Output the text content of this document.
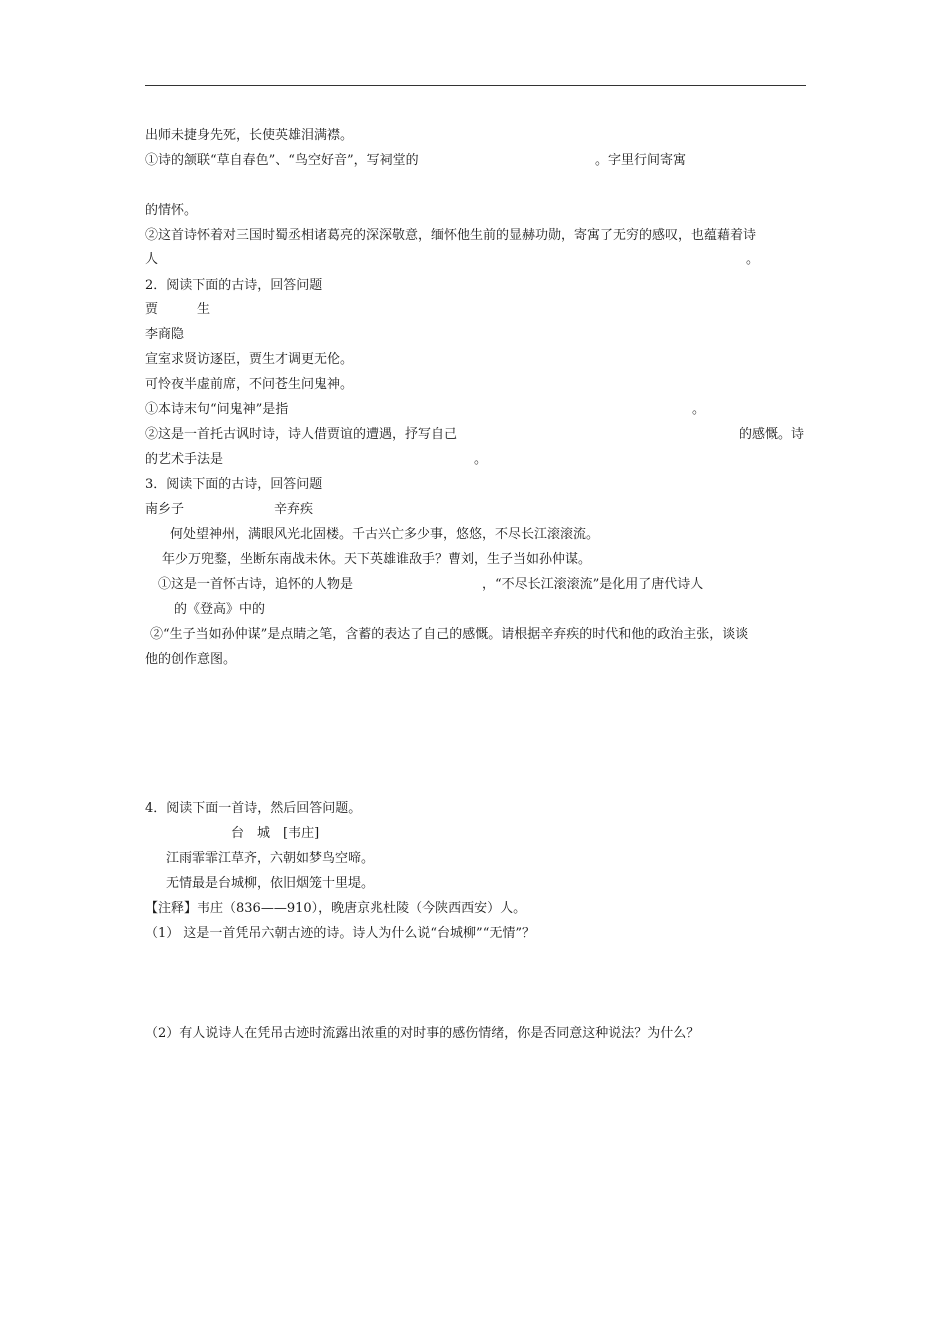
出师未捷身先死，长使英雄泪满襟。
①诗的颔联“草自春色”、“鸟空好音”，写祠堂的	。字里行间寄寓
的情怀。
②这首诗怀着对三国时蜀丞相诸葛亮的深深敬意，缅怀他生前的显赫功勋，寄寓了无穷的感叹，也蕴藉着诗
人	。
2．阅读下面的古诗，回答问题
贾　　　生
李商隐
宣室求贤访逐臣，贾生才调更无伦。
可怜夜半虚前席，不问苍生问鬼神。
①本诗末句“问鬼神”是指	。
②这是一首托古讽时诗，诗人借贾谊的遭遇，抒写自己	的感慨。诗
的艺术手法是	。
3．阅读下面的古诗，回答问题
南乡子	辛弃疾
何处望神州，满眼风光北固楼。千古兴亡多少事，悠悠，不尽长江滚滚流。
年少万兜鍪，坐断东南战未休。天下英雄谁敌手？曹刘，生子当如孙仲谋。
①这是一首怀古诗，追怀的人物是	，“不尽长江滚滚流”是化用了唐代诗人
的《登高》中的
②“生子当如孙仲谋”是点睛之笔，含蓄的表达了自己的感慨。请根据辛弃疾的时代和他的政治主张，谈谈
他的创作意图。
4．阅读下面一首诗，然后回答问题。
台　城　[韦庄]
江雨霏霏江草齐，六朝如梦鸟空啼。
无情最是台城柳，依旧烟笼十里堤。
【注释】韦庄（836——910），晚唐京兆杜陵（今陕西西安）人。
（1） 这是一首凭吊六朝古迹的诗。诗人为什么说“台城柳”“无情”？
（2）有人说诗人在凭吊古迹时流露出浓重的对时事的感伤情绪，你是否同意这种说法？为什么？
